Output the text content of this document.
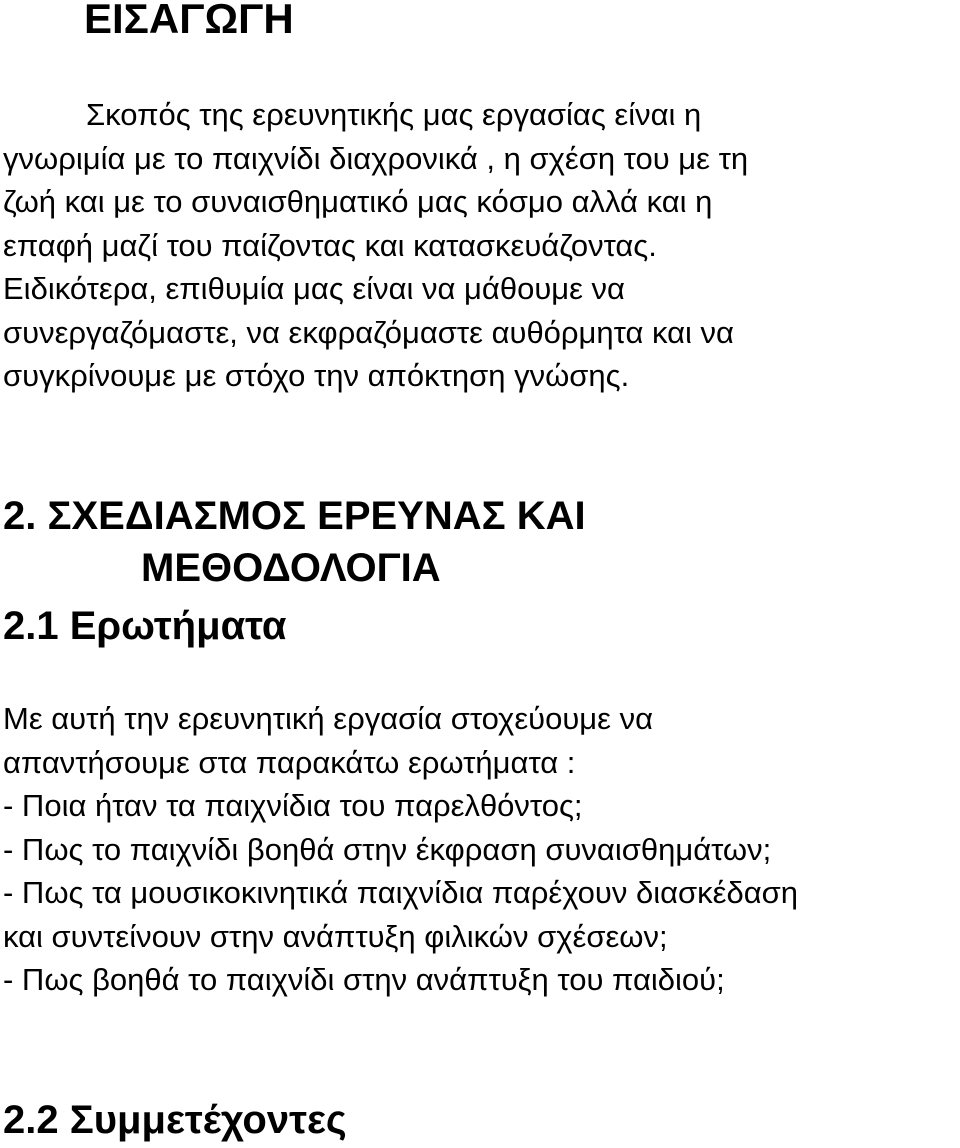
ΕΙΣΑΓΩΓΗ

Σκοπός της ερευνητικής μας εργασίας είναι η
γνωριμία με το παιχνίδι διαχρονικά , η σχέση του με τη
ζωή και με το συναισθηματικό μας κόσμο αλλά και η
επαφή μαζί του παίζοντας και κατασκευάζοντας.
Ειδικότερα, επιθυμία μας είναι να μάθουμε να
συνεργαζόμαστε, να εκφραζόμαστε αυθόρμητα και να
συγκρίνουμε με στόχο την απόκτηση γνώσης.

2. ΣΧΕΔΙΑΣΜΟΣ ΕΡΕΥΝΑΣ ΚΑΙ
ΜΕΘΟΔΟΛΟΓΙΑ
2.1 Ερωτήματα

Με αυτή την ερευνητική εργασία στοχεύουμε να
απαντήσουμε στα παρακάτω ερωτήματα :
- Ποια ήταν τα παιχνίδια του παρελθόντος;
- Πως το παιχνίδι βοηθά στην έκφραση συναισθημάτων;
- Πως τα μουσικοκινητικά παιχνίδια παρέχουν διασκέδαση
και συντείνουν στην ανάπτυξη φιλικών σχέσεων;
- Πως βοηθά το παιχνίδι στην ανάπτυξη του παιδιού;

2.2 Συμμετέχοντες
